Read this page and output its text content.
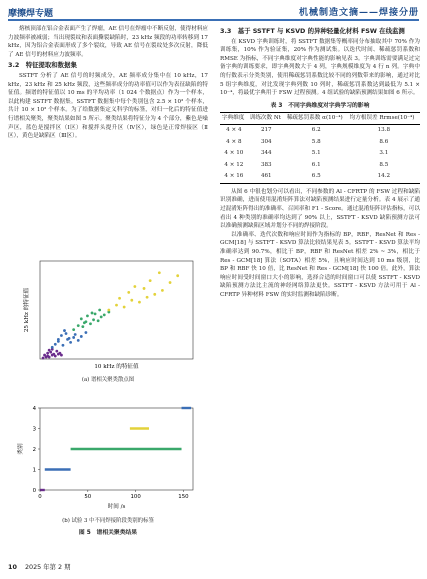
摩擦焊专题	机械制造文摘——焊接分册

熔核顶部在铝合金表面产生了焊瘤，AE 信号在焊瘤中不断反射，使得材料应力波频率被减弱；当出现裂纹和表面撕裂缺陷时，23 kHz 频段的功率转移到 17 kHz，因为铝合金表面形成了多个裂纹，导致 AE 信号在裂纹处多次反射，降低了 AE 信号的材料应力波频率。

3.2　特征提取和数据集

SSTFT 分析了 AE 信号的时频成分，AE 频率成分集中在 10 kHz，17 kHz，23 kHz 和 25 kHz 频段，这些频率成分的功率值可以作为表征缺陷的特征值。频谱的特征值以 10 ms 的平均功率（1 024 个数据点）作为一个样本，以此构建 SSTFT 数据集。SSTFT 数据集中每个类别包含 2.5 × 10³ 个样本，共计 10 × 10³ 个样本。为了给数据集定义科学的标签，对归一化后的特征值进行谱相关聚类，聚类结果如图 5 所示。聚类结果将特征分为 4 个部分，紫色是噪声区，蓝色是搅拌区（Ⅰ区）和搅拌头提升区（Ⅳ区），绿色是正常焊接区（Ⅱ区），黄色是缺陷区（Ⅲ区）。

10 kHz 的特征值
25 kHz 的特征值
(a) 谱相关聚类散点图
0	50	100	150
0
1
2
3
4
时间 /s
类别
(b) 试验 3 中不同焊接阶段类别的标签
图 5　谱相关聚类结果
3.3　基于 SSTFT 与 KSVD 的异种轻量化材料 FSW 在线监测

在 KSVD 字典训练时，将 SSTFT 数据集等概率同分布抽取其中 70% 作为训练集，10% 作为验证集，20% 作为测试集。以迭代时间、稀疏惩罚系数和 RMSE 为指标，不同字典维度对字典性能的影响见表 3。字典训练需要满足过完备字典的训练要求，即字典列数大于 4 列，字典规模维度为 4 行 n 列。字典中的行数表示分类类别，使用稀疏惩罚系数比较不同的列数带来的影响，通过对比 5 组字典维度，对比发现字典列数 10 列时，稀疏惩罚系数达到最低为 5.1 × 10⁻⁴，将最优字典用于 FSW 过程预测。4 组试验的缺陷预测结果如图 6 所示。

表 3　不同字典维度对字典学习的影响
字典维度	训练次数 Nt	稀疏惩罚系数 α(10⁻⁴)	均方根误差 Rrmse(10⁻⁴)
4 × 4	217	6.2	13.8
4 × 8	304	5.8	8.6
4 × 10	344	5.1	3.1
4 × 12	383	6.1	8.5
4 × 16	461	6.5	14.2

从图 6 中很也划分可以看出，不同参数的 Al - CFRTP 的 FSW 过程和缺陷识别准确，进而使用混淆矩阵算法对缺陷预测结果进行定量分析。表 4 展示了通过混淆矩阵得出的准确率、召回率和 F1 - Score。通过混淆矩阵评估指标，可以看出 4 种类别的准确率均达到了 90% 以上，SSTFT - KSVD 缺陷预测方法可以准确预测缺陷区域并划分不同的焊接阶段。

以准确率、迭代次数和响应时间作为指标的 BP，RBF，ResNet 和 Res - GCM[18] 与 SSTFT - KSVD 算法比较结果见表 5。SSTFT - KSVD 算法平均准确率达到 90.7%，相比于 BP，RBF 和 ResNet 相差 2% ~ 3%，相比于 Res - GCM[18] 算法（SOTA）相差 5%，且响应时间达到 10 ms 级别，比 BP 和 RBF 快 10 倍，比 ResNet 和 Res - GCM[18] 快 100 倍。此外，算法响应时间受时间窗口大小的影响，选择合适的时间窗口可以使 SSTFT - KSVD 缺陷预测方法比主流的神经网络算法更快。SSTFT - KSVD 方法可用于 Al - CFRTP 异种材料 FSW 的实时监测和缺陷诊断。

10 2025 年第 2 期
